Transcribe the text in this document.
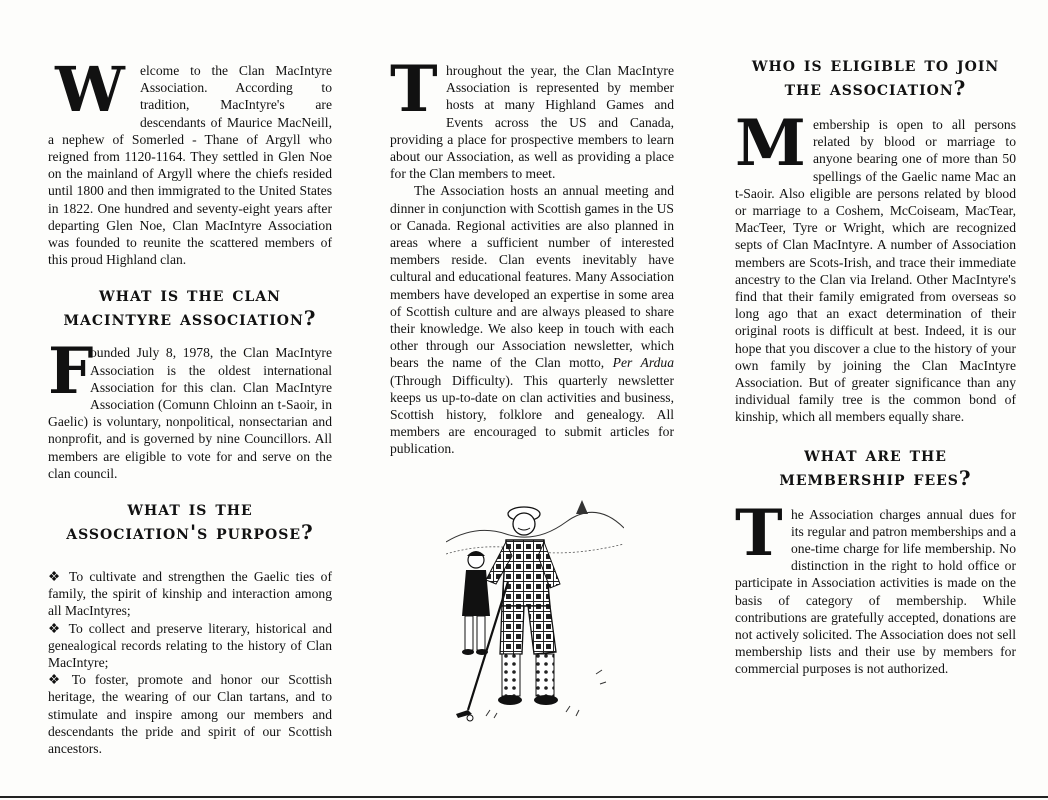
W	elcome to the Clan MacIntyre Association. According to tradition, MacIntyre's are descendants of Maurice MacNeill, a nephew of Somerled - Thane of Argyll who reigned from 1120-1164. They settled in Glen Noe on the mainland of Argyll where the chiefs resided until 1800 and then immigrated to the United States in 1822. One hundred and seventy-eight years after departing Glen Noe, Clan MacIntyre Association was founded to reunite the scattered members of this proud Highland clan.

what is the clan
macintyre association?

F
ounded July 8, 1978, the Clan MacIntyre Association is the oldest international Association for this clan. Clan MacIntyre Association (Comunn Chloinn an t-Saoir, in Gaelic) is voluntary, nonpolitical, nonsectarian and nonprofit, and is governed by nine Councillors. All members are eligible to vote for and serve on the clan council.

what is the
association's purpose?

❖ To cultivate and strengthen the Gaelic ties of family, the spirit of kinship and interaction among all MacIntyres;

❖ To collect and preserve literary, historical and genealogical records relating to the history of Clan MacIntyre;

❖ To foster, promote and honor our Scottish heritage, the wearing of our Clan tartans, and to stimulate and inspire among our members and descendants the pride and spirit of our Scottish ancestors.

Throughout the year, the Clan MacIntyre Association is represented by member hosts at many Highland Games and Events across the US and Canada, providing a place for prospective members to learn about our Association, as well as providing a place for the Clan members to meet.

The Association hosts an annual meeting and dinner in conjunction with Scottish games in the US or Canada. Regional activities are also planned in areas where a sufficient number of interested members reside. Clan events inevitably have cultural and educational features. Many Association members have developed an expertise in some area of Scottish culture and are always pleased to share their knowledge. We also keep in touch with each other through our Association newsletter, which bears the name of the Clan motto, Per Ardua (Through Difficulty). This quarterly newsletter keeps us up-to-date on clan activities and business, Scottish history, folklore and genealogy. All members are encouraged to submit articles for publication.

who is eligible to join
the association?

Membership is open to all persons related by blood or marriage to anyone bearing one of more than 50 spellings of the Gaelic name Mac an t-Saoir. Also eligible are persons related by blood or marriage to a Coshem, McCoiseam, MacTear, MacTeer, Tyre or Wright, which are recognized septs of Clan MacIntyre. A number of Association members are Scots-Irish, and trace their immediate ancestry to the Clan via Ireland. Other MacIntyre's find that their family emigrated from overseas so long ago that an exact determination of their original roots is difficult at best. Indeed, it is our hope that you discover a clue to the history of your own family by joining the Clan MacIntyre Association. But of greater significance than any individual family tree is the common bond of kinship, which all members equally share.

what are the
membership fees?

The Association charges annual dues for its regular and patron memberships and a one-time charge for life membership. No distinction in the right to hold office or participate in Association activities is made on the basis of category of membership. While contributions are gratefully accepted, donations are not actively solicited. The Association does not sell membership lists and their use by members for commercial purposes is not authorized.
